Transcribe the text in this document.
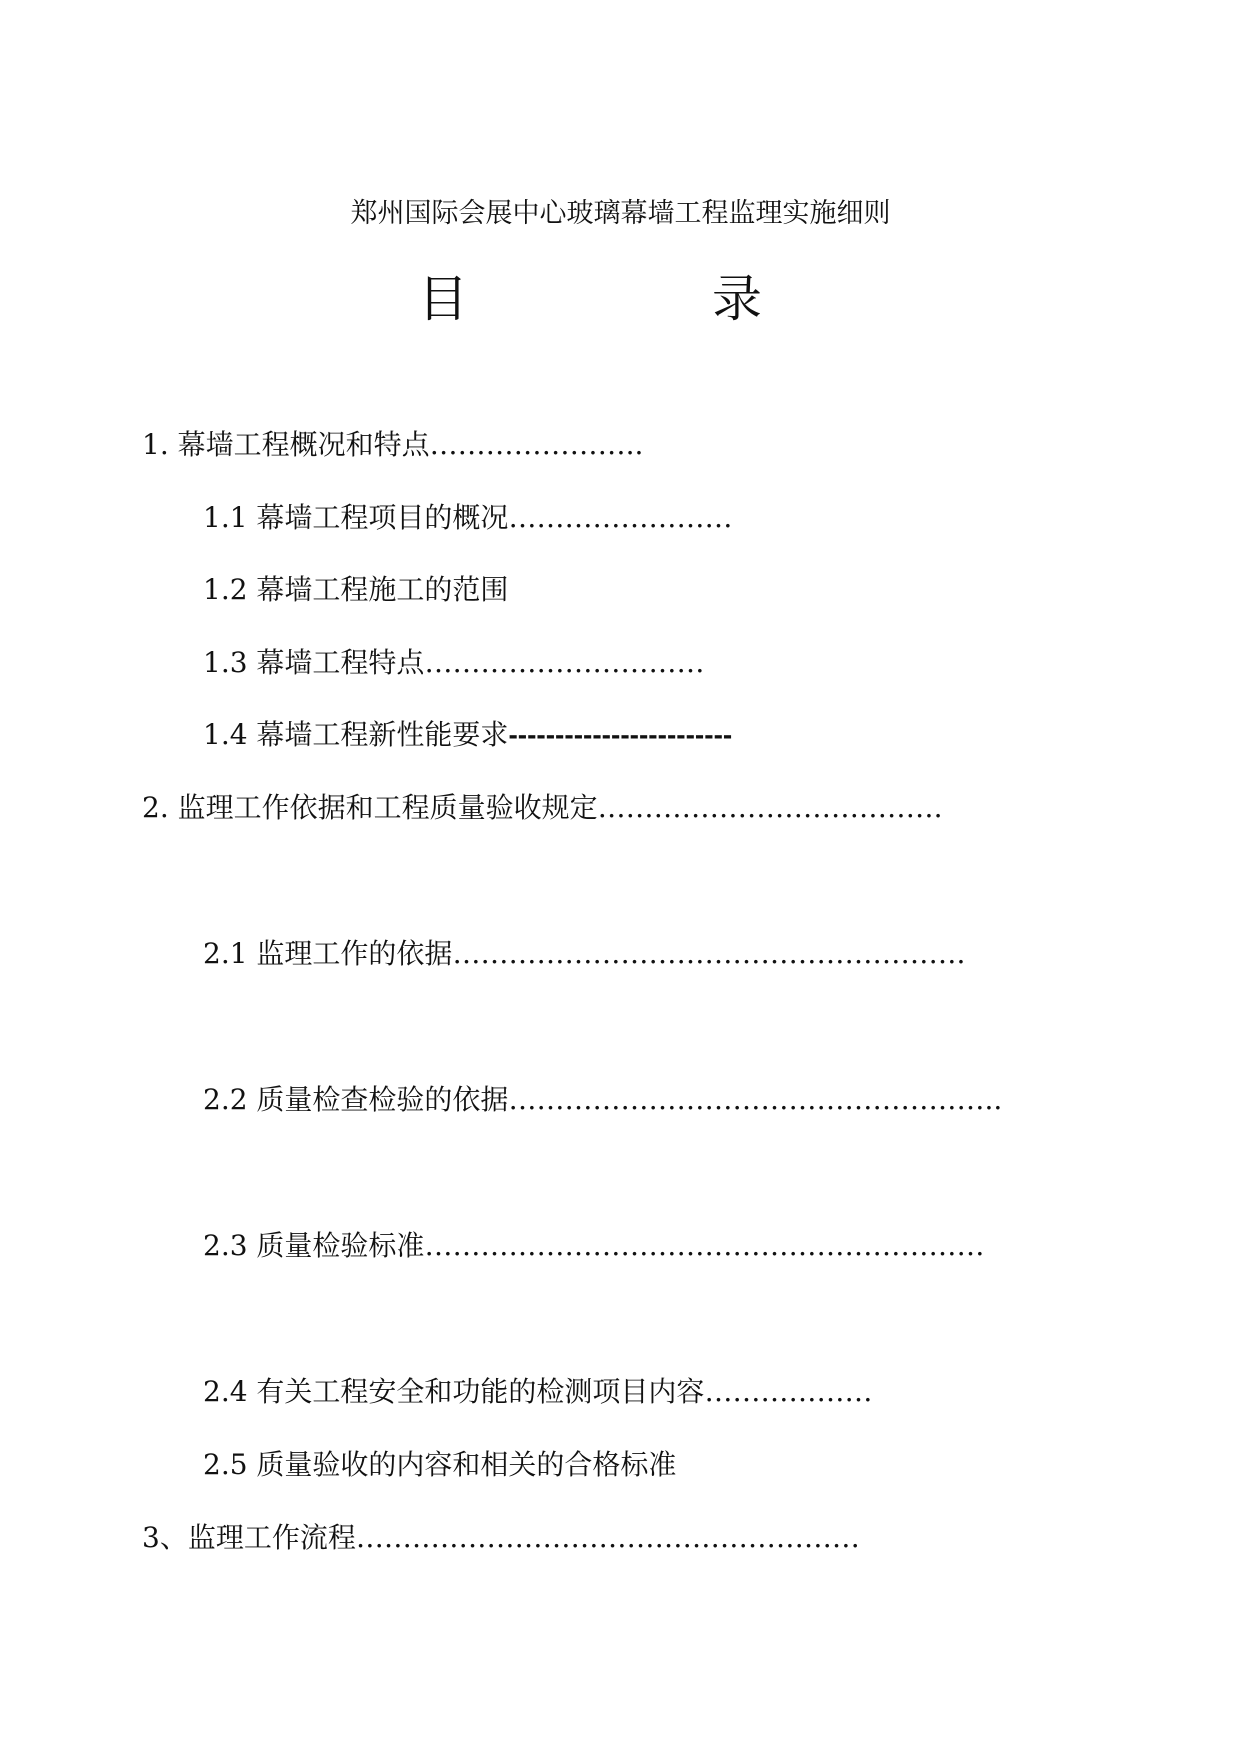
郑州国际会展中心玻璃幕墙工程监理实施细则
目	录
1. 幕墙工程概况和特点…………………..
1.1 幕墙工程项目的概况……………………
1.2 幕墙工程施工的范围
1.3 幕墙工程特点…………………………
1.4 幕墙工程新性能要求------------------------
2. 监理工作依据和工程质量验收规定……………………………….
2.1 监理工作的依据……………………………………………….
2.2 质量检查检验的依据……………………………………………..
2.3 质量检验标准……………………………………………………
2.4 有关工程安全和功能的检测项目内容………………
2.5 质量验收的内容和相关的合格标准
3、监理工作流程………………………………………………
